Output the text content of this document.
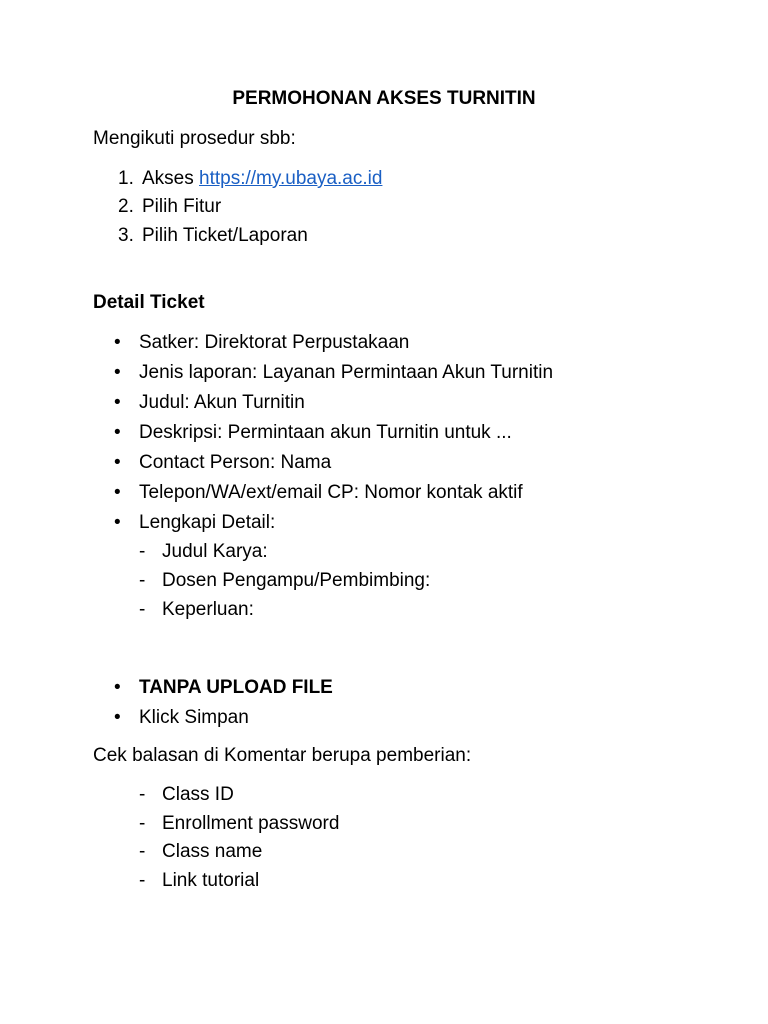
PERMOHONAN AKSES TURNITIN
Mengikuti prosedur sbb:
1. Akses https://my.ubaya.ac.id
2. Pilih Fitur
3. Pilih Ticket/Laporan
Detail Ticket
• Satker: Direktorat Perpustakaan
• Jenis laporan: Layanan Permintaan Akun Turnitin
• Judul: Akun Turnitin
• Deskripsi: Permintaan akun Turnitin untuk ...
• Contact Person: Nama
• Telepon/WA/ext/email CP: Nomor kontak aktif
• Lengkapi Detail:
- Judul Karya:
- Dosen Pengampu/Pembimbing:
- Keperluan:
• TANPA UPLOAD FILE
• Klick Simpan
Cek balasan di Komentar berupa pemberian:
- Class ID
- Enrollment password
- Class name
- Link tutorial
